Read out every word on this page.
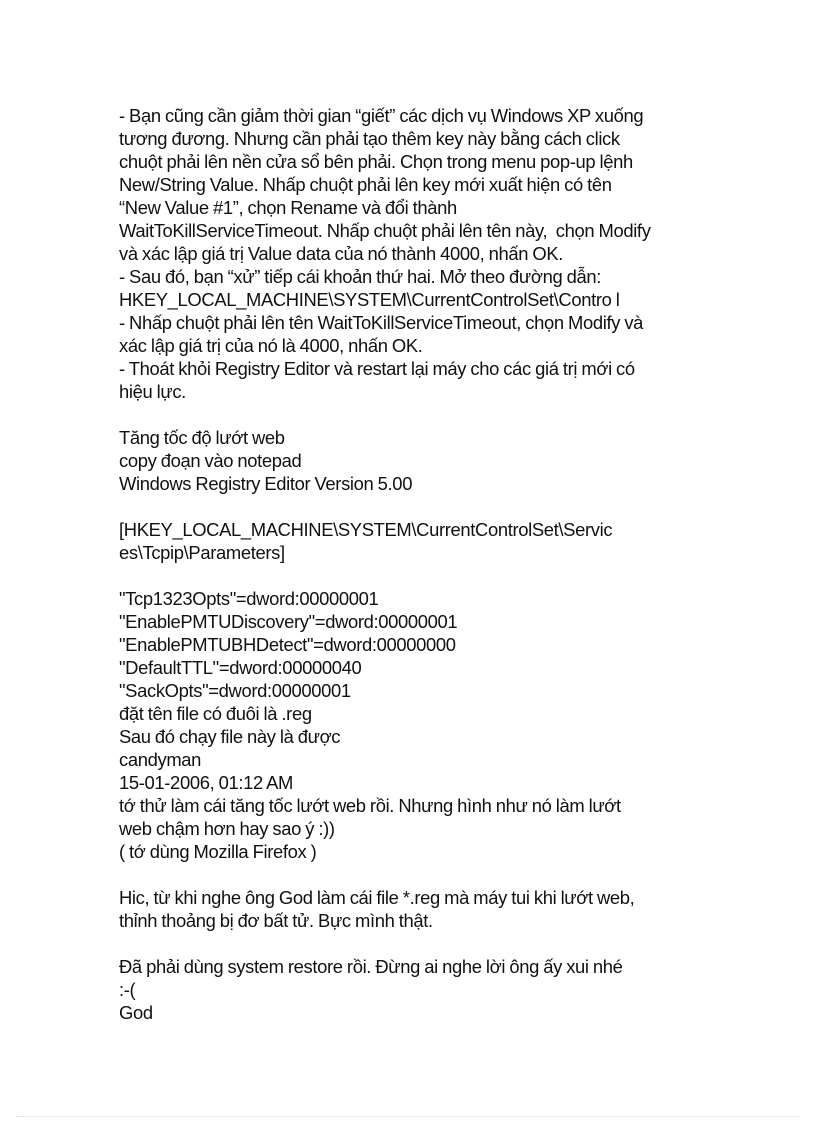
- Bạn cũng cần giảm thời gian “giết” các dịch vụ Windows XP xuống
tương đương. Nhưng cần phải tạo thêm key này bằng cách click
chuột phải lên nền cửa sổ bên phải. Chọn trong menu pop-up lệnh
New/String Value. Nhấp chuột phải lên key mới xuất hiện có tên
“New Value #1”, chọn Rename và đổi thành
WaitToKillServiceTimeout. Nhấp chuột phải lên tên này,  chọn Modify
và xác lập giá trị Value data của nó thành 4000, nhấn OK.
- Sau đó, bạn “xử” tiếp cái khoản thứ hai. Mở theo đường dẫn:
HKEY_LOCAL_MACHINE\SYSTEM\CurrentControlSet\Contro l
- Nhấp chuột phải lên tên WaitToKillServiceTimeout, chọn Modify và
xác lập giá trị của nó là 4000, nhấn OK.
- Thoát khỏi Registry Editor và restart lại máy cho các giá trị mới có
hiệu lực.
Tăng tốc độ lướt web
copy đoạn vào notepad
Windows Registry Editor Version 5.00
[HKEY_LOCAL_MACHINE\SYSTEM\CurrentControlSet\Servic
es\Tcpip\Parameters]
"Tcp1323Opts"=dword:00000001
"EnablePMTUDiscovery"=dword:00000001
"EnablePMTUBHDetect"=dword:00000000
"DefaultTTL"=dword:00000040
"SackOpts"=dword:00000001
đặt tên file có đuôi là .reg
Sau đó chạy file này là được
candyman
15-01-2006, 01:12 AM
tớ thử làm cái tăng tốc lướt web rồi. Nhưng hình như nó làm lướt
web chậm hơn hay sao ý :))
( tớ dùng Mozilla Firefox )
Hic, từ khi nghe ông God làm cái file *.reg mà máy tui khi lướt web,
thỉnh thoảng bị đơ bất tử. Bực mình thật.
Đã phải dùng system restore rồi. Đừng ai nghe lời ông ấy xui nhé
:-(
God
